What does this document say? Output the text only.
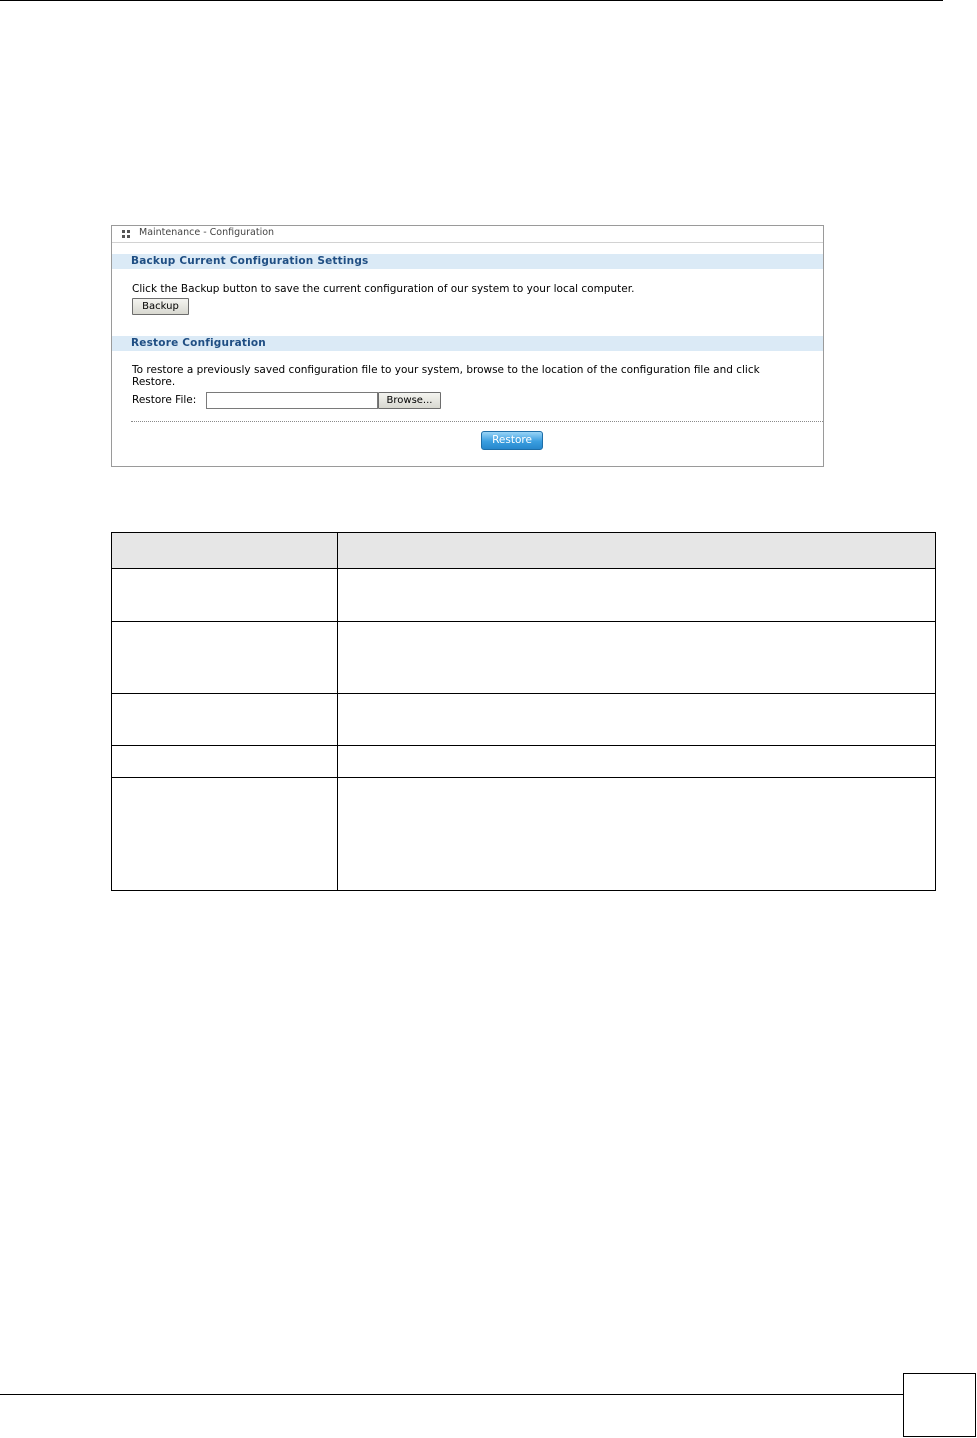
Maintenance - Configuration
Backup Current Configuration Settings
Click the Backup button to save the current configuration of our system to your local computer.
Backup
Restore Configuration
To restore a previously saved configuration file to your system, browse to the location of the configuration file and click
Restore.
Restore File:	Browse...
Restore
